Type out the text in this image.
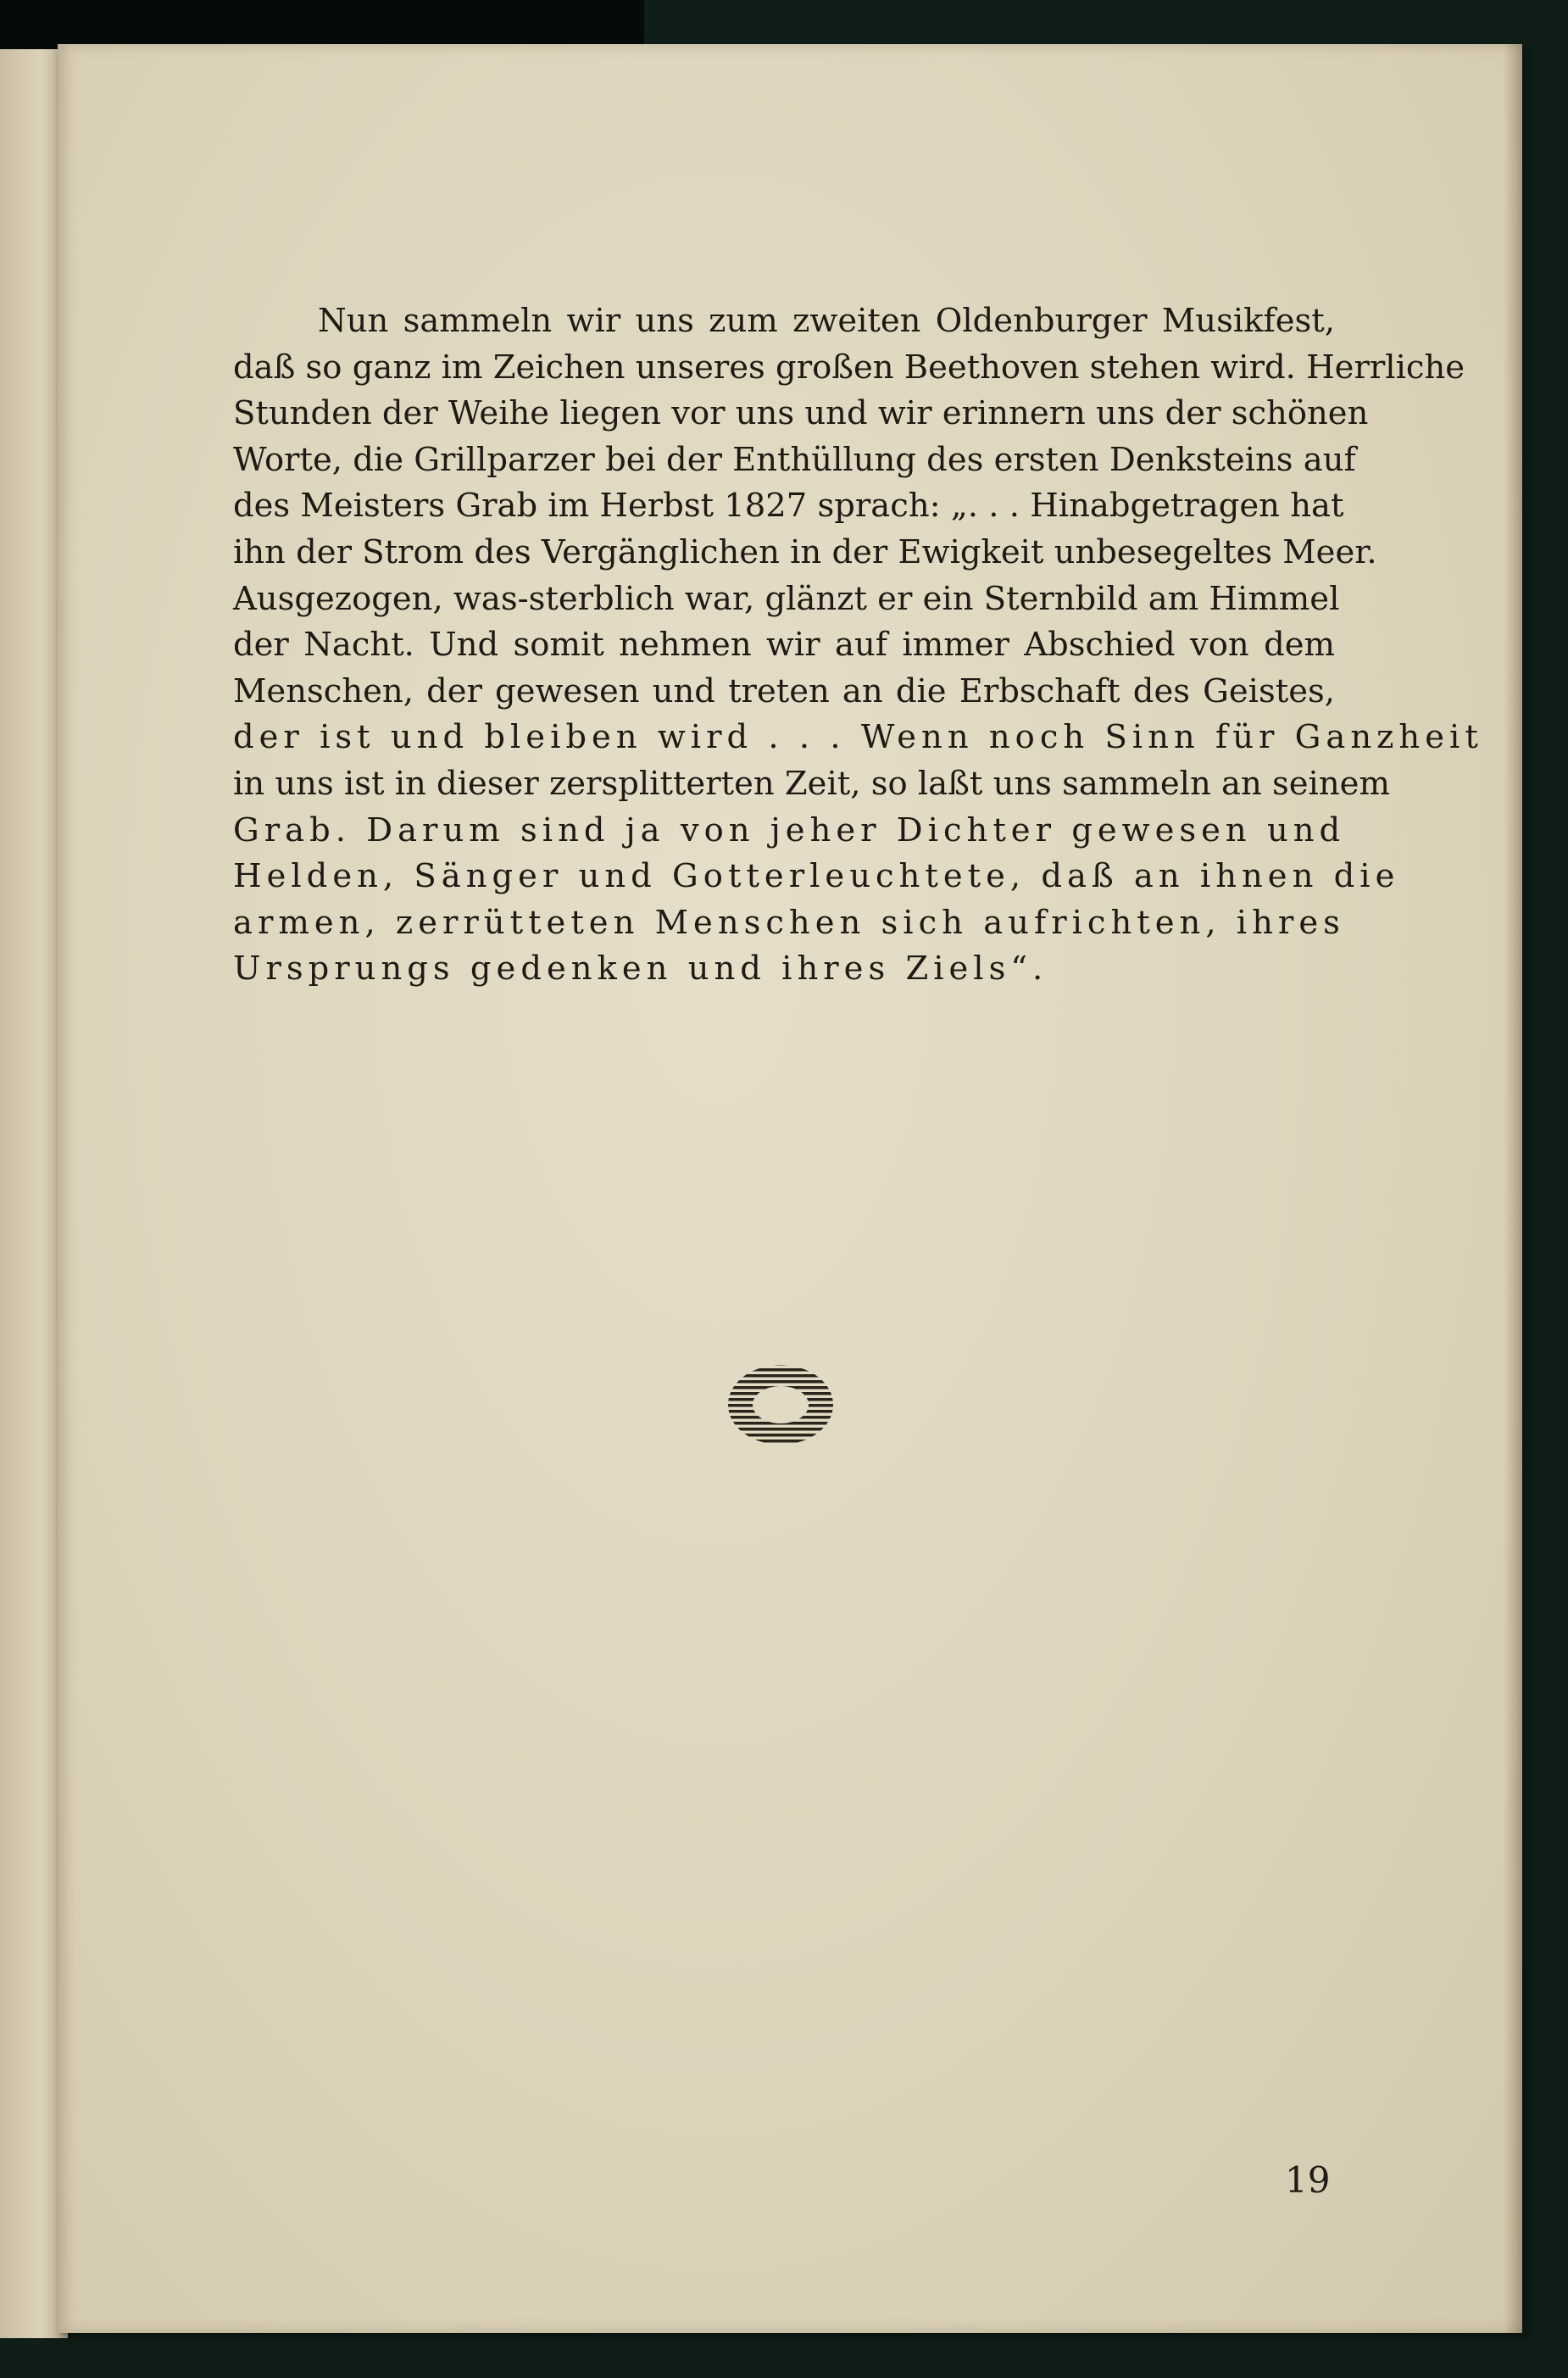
Nun sammeln wir uns zum zweiten Oldenburger Musikfest,
daß so ganz im Zeichen unseres großen Beethoven stehen wird. Herrliche
Stunden der Weihe liegen vor uns und wir erinnern uns der schönen
Worte, die Grillparzer bei der Enthüllung des ersten Denksteins auf
des Meisters Grab im Herbst 1827 sprach: „. . . Hinabgetragen hat
ihn der Strom des Vergänglichen in der Ewigkeit unbesegeltes Meer.
Ausgezogen, was-sterblich war, glänzt er ein Sternbild am Himmel
der Nacht. Und somit nehmen wir auf immer Abschied von dem
Menschen, der gewesen und treten an die Erbschaft des Geistes,
der ist und bleiben wird . . . Wenn noch Sinn für Ganzheit
in uns ist in dieser zersplitterten Zeit, so laßt uns sammeln an seinem
Grab. Darum sind ja von jeher Dichter gewesen und
Helden, Sänger und Gotterleuchtete, daß an ihnen die
armen, zerrütteten Menschen sich aufrichten, ihres
Ursprungs gedenken und ihres Ziels“.
19
